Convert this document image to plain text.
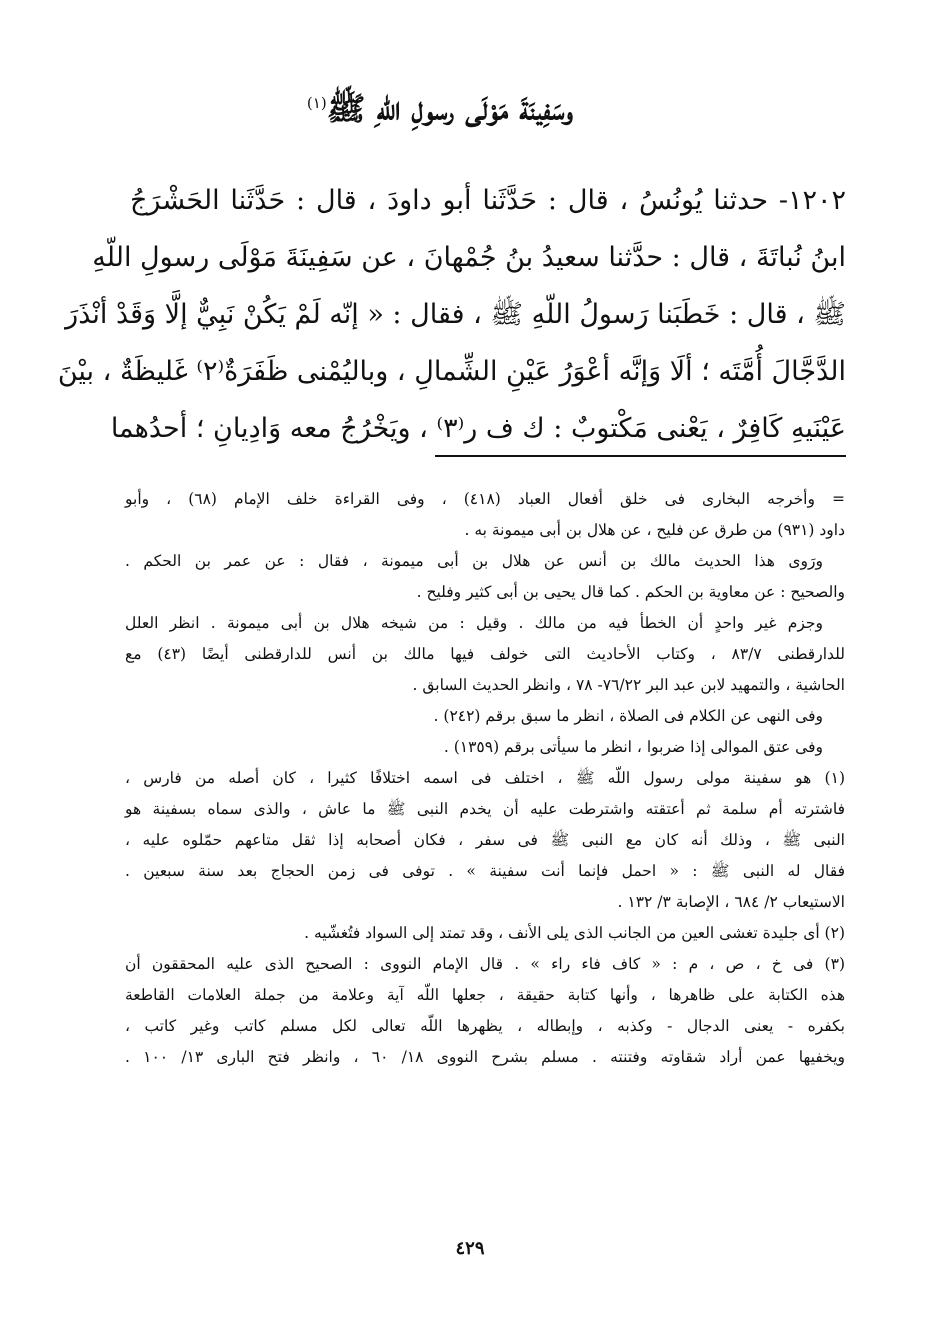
وسَفِينَةَ مَوْلَى رسولِ اللّهِ ﷺ$^{(١)}$
١٢٠٢- حدثنا يُونُسُ ، قال : حَدَّثَنا أبو داودَ ، قال : حَدَّثَنا الحَشْرَجُ
ابنُ نُباتَةَ ، قال : حدَّثنا سعيدُ بنُ جُمْهانَ ، عن سَفِينَةَ مَوْلَى رسولِ اللّهِ
ﷺ ، قال : خَطَبَنا رَسولُ اللّهِ ﷺ ، فقال : « إنّه لَمْ يَكُنْ نَبِيٌّ إلَّا وَقَدْ أنْذَرَ
الدَّجَّالَ أُمَّتَه ؛ ألَا وَإنَّه أعْوَرُ عَيْنِ الشِّمالِ ، وباليُمْنى ظَفَرَةٌ⁽٢⁾ غَليظَةٌ ، بيْنَ
عَيْنَيهِ كَافِرٌ ، يَعْنى مَكْتوبٌ : ك ف ر⁽٣⁾ ، ويَخْرُجُ معه وَادِيانِ ؛ أحدُهما
= وأخرجه البخارى فى خلق أفعال العباد (٤١٨) ، وفى القراءة خلف الإمام (٦٨) ، وأبو
داود (٩٣١) من طرق عن فليح ، عن هلال بن أبى ميمونة به .
ورَوى هذا الحديث مالك بن أنس عن هلال بن أبى ميمونة ، فقال : عن عمر بن الحكم .
والصحيح : عن معاوية بن الحكم . كما قال يحيى بن أبى كثير وفليح .
وجزم غير واحدٍ أن الخطأ فيه من مالك . وقيل : من شيخه هلال بن أبى ميمونة . انظر العلل
للدارقطنى ٨٣/٧ ، وكتاب الأحاديث التى خولف فيها مالك بن أنس للدارقطنى أيضًا (٤٣) مع
الحاشية ، والتمهيد لابن عبد البر ٧٦/٢٢- ٧٨ ، وانظر الحديث السابق .
وفى النهى عن الكلام فى الصلاة ، انظر ما سبق برقم (٢٤٢) .
وفى عتق الموالى إذا ضربوا ، انظر ما سيأتى برقم (١٣٥٩) .
(١) هو سفينة مولى رسول اللّه ﷺ ، اختلف فى اسمه اختلافًا كثيرا ، كان أصله من فارس ،
فاشترته أم سلمة ثم أعتقته واشترطت عليه أن يخدم النبى ﷺ ما عاش ، والذى سماه بسفينة هو
النبى ﷺ ، وذلك أنه كان مع النبى ﷺ فى سفر ، فكان أصحابه إذا ثقل متاعهم حمّلوه عليه ،
فقال له النبى ﷺ : « احمل فإنما أنت سفينة » . توفى فى زمن الحجاج بعد سنة سبعين .
الاستيعاب ٢/ ٦٨٤ ، الإصابة ٣/ ١٣٢ .
(٢) أى جليدة تغشى العين من الجانب الذى يلى الأنف ، وقد تمتد إلى السواد فتُغشّيه .
(٣) فى خ ، ص ، م : « كاف فاء راء » . قال الإمام النووى : الصحيح الذى عليه المحققون أن
هذه الكتابة على ظاهرها ، وأنها كتابة حقيقة ، جعلها اللّه آية وعلامة من جملة العلامات القاطعة
بكفره - يعنى الدجال - وكذبه ، وإبطاله ، يظهرها اللّه تعالى لكل مسلم كاتب وغير كاتب ،
ويخفيها عمن أراد شقاوته وفتنته . مسلم بشرح النووى ١٨/ ٦٠ ، وانظر فتح البارى ١٣/ ١٠٠ .
٤٢٩
